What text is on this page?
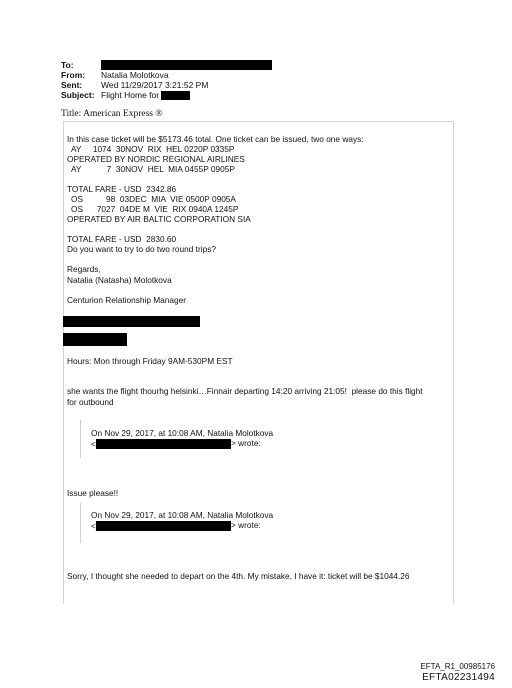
To:
From: Natalia Molotkova
Sent: Wed 11/29/2017 3:21:52 PM
Subject: Flight Home for
Title: American Express ®
In this case ticket will be $5173.46 total. One ticket can be issued, two one ways:
AY     1074  30NOV  RIX  HEL 0220P 0335P
OPERATED BY NORDIC REGIONAL AIRLINES
AY           7  30NOV  HEL  MIA 0455P 0905P
TOTAL FARE - USD  2342.86
OS          98  03DEC  MIA  VIE 0500P 0905A
OS      7027  04DE M  VIE  RIX 0940A 1245P
OPERATED BY AIR BALTIC CORPORATION SIA
TOTAL FARE - USD  2830.60
Do you want to try to do two round trips?
Regards,
Natalia (Natasha) Molotkova
Centurion Relationship Manager
Hours: Mon through Friday 9AM-530PM EST
she wants the flight thourhg helsinki…Finnair departing 14:20 arriving 21:05!  please do this flight
for outbound
On Nov 29, 2017, at 10:08 AM, Natalia Molotkova
<	> wrote:
Issue please!!
On Nov 29, 2017, at 10:08 AM, Natalia Molotkova
<	> wrote:
Sorry, I thought she needed to depart on the 4th. My mistake, I have it: ticket will be $1044.26
EFTA_R1_00985176
EFTA02231494
